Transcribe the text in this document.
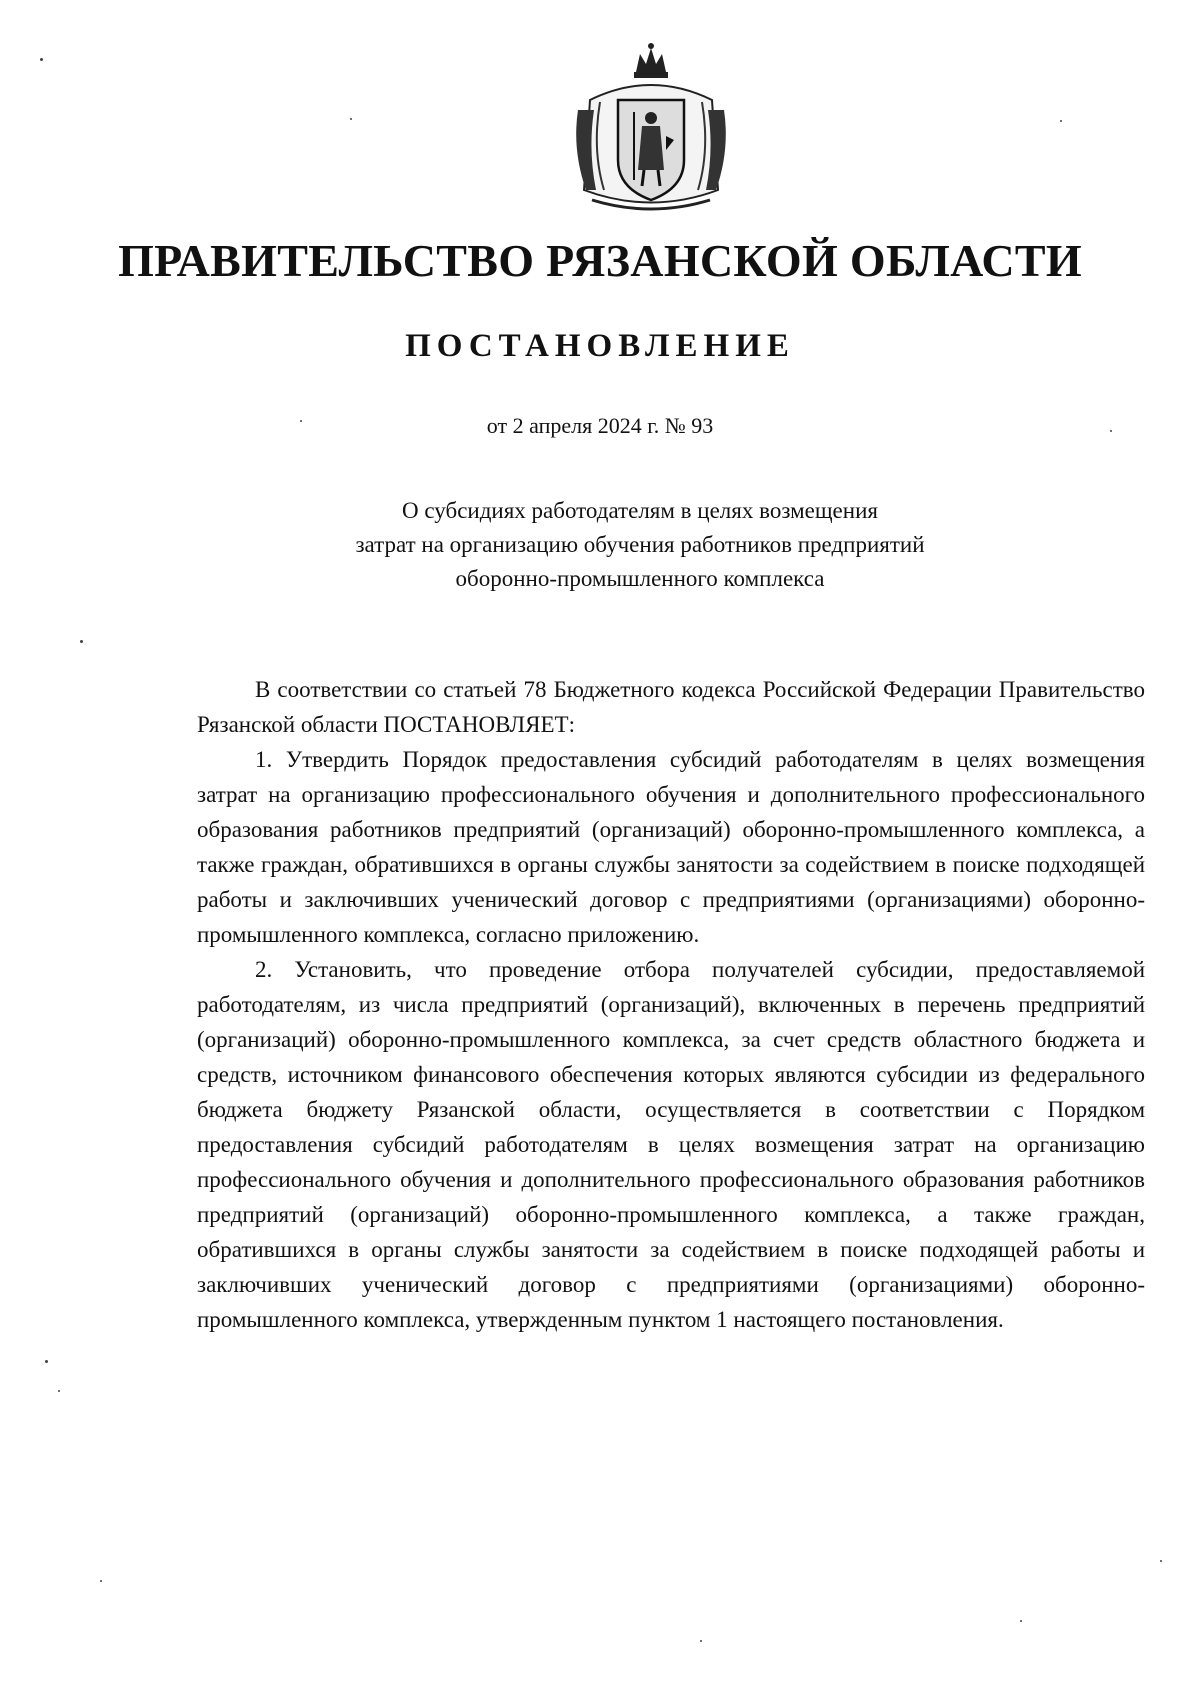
ПРАВИТЕЛЬСТВО РЯЗАНСКОЙ ОБЛАСТИ
ПОСТАНОВЛЕНИЕ
от 2 апреля 2024 г. № 93
О субсидиях работодателям в целях возмещения
затрат на организацию обучения работников предприятий
оборонно-промышленного комплекса

В соответствии со статьей 78 Бюджетного кодекса Российской Федерации Правительство Рязанской области ПОСТАНОВЛЯЕТ:

1. Утвердить Порядок предоставления субсидий работодателям в целях возмещения затрат на организацию профессионального обучения и дополнительного профессионального образования работников предприятий (организаций) оборонно-промышленного комплекса, а также граждан, обратившихся в органы службы занятости за содействием в поиске подходящей работы и заключивших ученический договор с предприятиями (организациями) оборонно-промышленного комплекса, согласно приложению.

2. Установить, что проведение отбора получателей субсидии, предоставляемой работодателям, из числа предприятий (организаций), включенных в перечень предприятий (организаций) оборонно-промышленного комплекса, за счет средств областного бюджета и средств, источником финансового обеспечения которых являются субсидии из федерального бюджета бюджету Рязанской области, осуществляется в соответствии с Порядком предоставления субсидий работодателям в целях возмещения затрат на организацию профессионального обучения и дополнительного профессионального образования работников предприятий (организаций) оборонно-промышленного комплекса, а также граждан, обратившихся в органы службы занятости за содействием в поиске подходящей работы и заключивших ученический договор с предприятиями (организациями) оборонно-промышленного комплекса, утвержденным пунктом 1 настоящего постановления.
